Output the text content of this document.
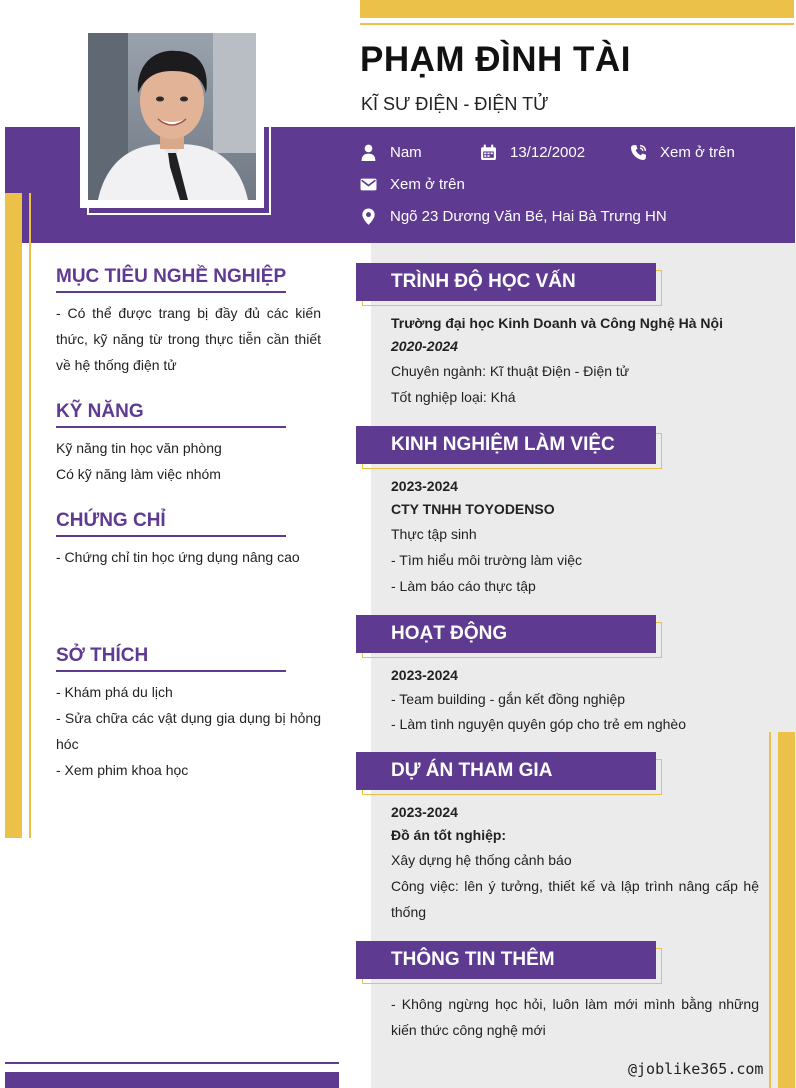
PHẠM ĐÌNH TÀI
KĨ SƯ ĐIỆN - ĐIỆN TỬ
Nam	13/12/2002	Xem ở trên
Xem ở trên
Ngõ 23 Dương Văn Bé, Hai Bà Trưng HN
MỤC TIÊU NGHỀ NGHIỆP
- Có thể được trang bị đầy đủ các kiến thức, kỹ năng từ trong thực tiễn cần thiết về hệ thống điện tử
KỸ NĂNG
Kỹ năng tin học văn phòng
Có kỹ năng làm việc nhóm
CHỨNG CHỈ
- Chứng chỉ tin học ứng dụng nâng cao
SỞ THÍCH
- Khám phá du lịch
- Sửa chữa các vật dụng gia dụng bị hỏng hóc
- Xem phim khoa học
TRÌNH ĐỘ HỌC VẤN
Trường đại học Kinh Doanh và Công Nghệ Hà Nội
2020-2024
Chuyên ngành: Kĩ thuật Điện - Điện tử
Tốt nghiệp loại: Khá
KINH NGHIỆM LÀM VIỆC
2023-2024
CTY TNHH TOYODENSO
Thực tập sinh
- Tìm hiểu môi trường làm việc
- Làm báo cáo thực tập
HOẠT ĐỘNG
2023-2024
- Team building - gắn kết đồng nghiệp
- Làm tình nguyện quyên góp cho trẻ em nghèo
DỰ ÁN THAM GIA
2023-2024
Đồ án tốt nghiệp:
Xây dựng hệ thống cảnh báo
Công việc: lên ý tưởng, thiết kế và lập trình nâng cấp hệ thống
THÔNG TIN THÊM
- Không ngừng học hỏi, luôn làm mới mình bằng những kiến thức công nghệ mới
@joblike365.com
